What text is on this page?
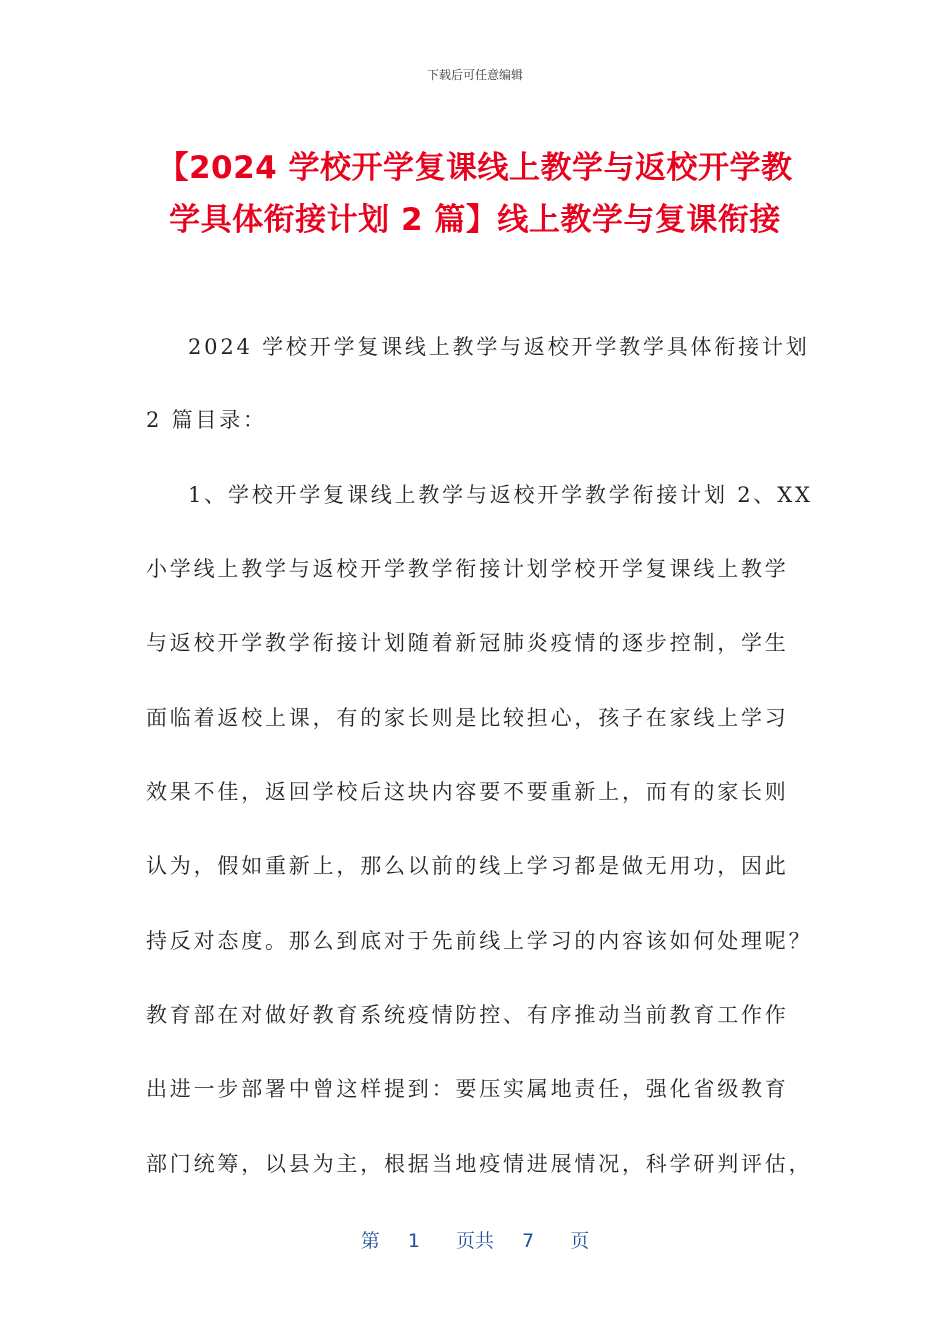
下载后可任意编辑
【2024 学校开学复课线上教学与返校开学教
学具体衔接计划 2 篇】线上教学与复课衔接
2024 学校开学复课线上教学与返校开学教学具体衔接计划
2 篇目录：
1、学校开学复课线上教学与返校开学教学衔接计划 2、XX
小学线上教学与返校开学教学衔接计划学校开学复课线上教学
与返校开学教学衔接计划随着新冠肺炎疫情的逐步控制，学生
面临着返校上课，有的家长则是比较担心，孩子在家线上学习
效果不佳，返回学校后这块内容要不要重新上，而有的家长则
认为，假如重新上，那么以前的线上学习都是做无用功，因此
持反对态度。那么到底对于先前线上学习的内容该如何处理呢？
教育部在对做好教育系统疫情防控、有序推动当前教育工作作
出进一步部署中曾这样提到：要压实属地责任，强化省级教育
部门统筹，以县为主，根据当地疫情进展情况，科学研判评估，
第 1 页共 7 页
